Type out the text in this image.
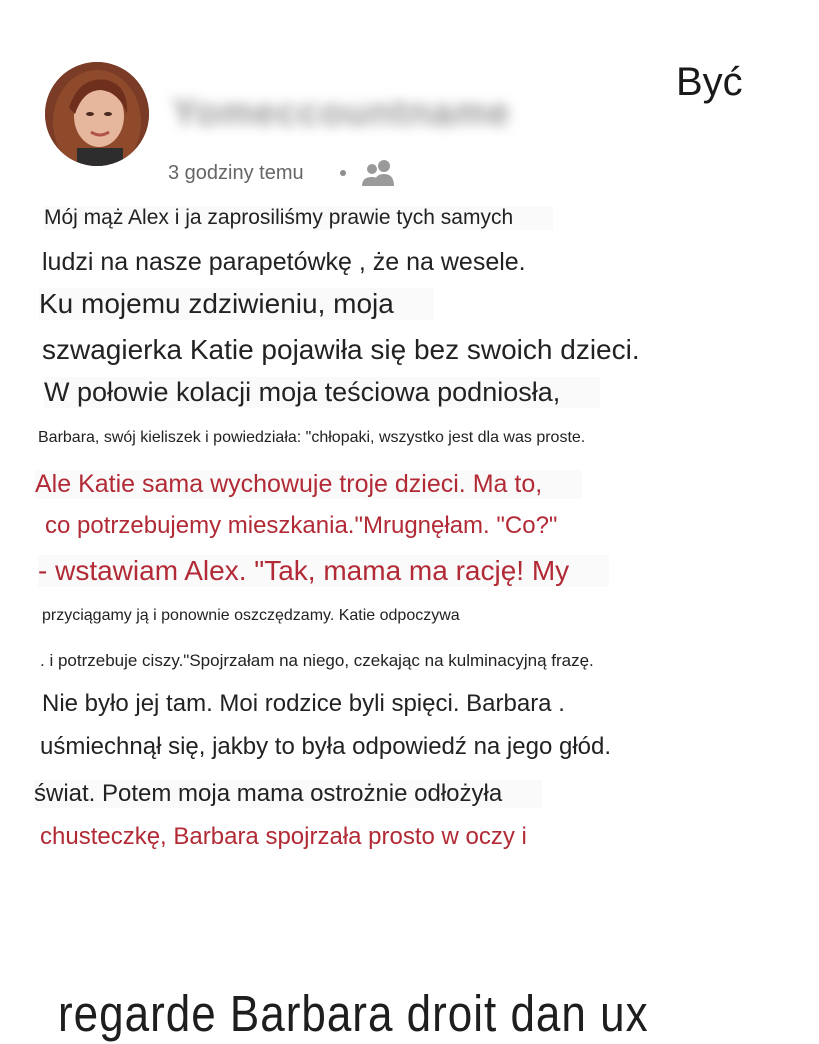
Yomeccountname
Być
3 godziny temu
Mój mąż Alex i ja zaprosiliśmy prawie tych samych
ludzi na nasze parapetówkę , że na wesele.
Ku mojemu zdziwieniu, moja
szwagierka Katie pojawiła się bez swoich dzieci.
W połowie kolacji moja teściowa podniosła,
Barbara, swój kieliszek i powiedziała: "chłopaki, wszystko jest dla was proste.
Ale Katie sama wychowuje troje dzieci. Ma to,
co potrzebujemy mieszkania."Mrugnęłam. "Co?"
- wstawiam Alex. "Tak, mama ma rację! My
przyciągamy ją i ponownie oszczędzamy. Katie odpoczywa
. i potrzebuje ciszy."Spojrzałam na niego, czekając na kulminacyjną frazę.
Nie było jej tam. Moi rodzice byli spięci. Barbara .
uśmiechnął się, jakby to była odpowiedź na jego głód.
świat. Potem moja mama ostrożnie odłożyła
chusteczkę, Barbara spojrzała prosto w oczy i
regarde Barbara droit dan ux
